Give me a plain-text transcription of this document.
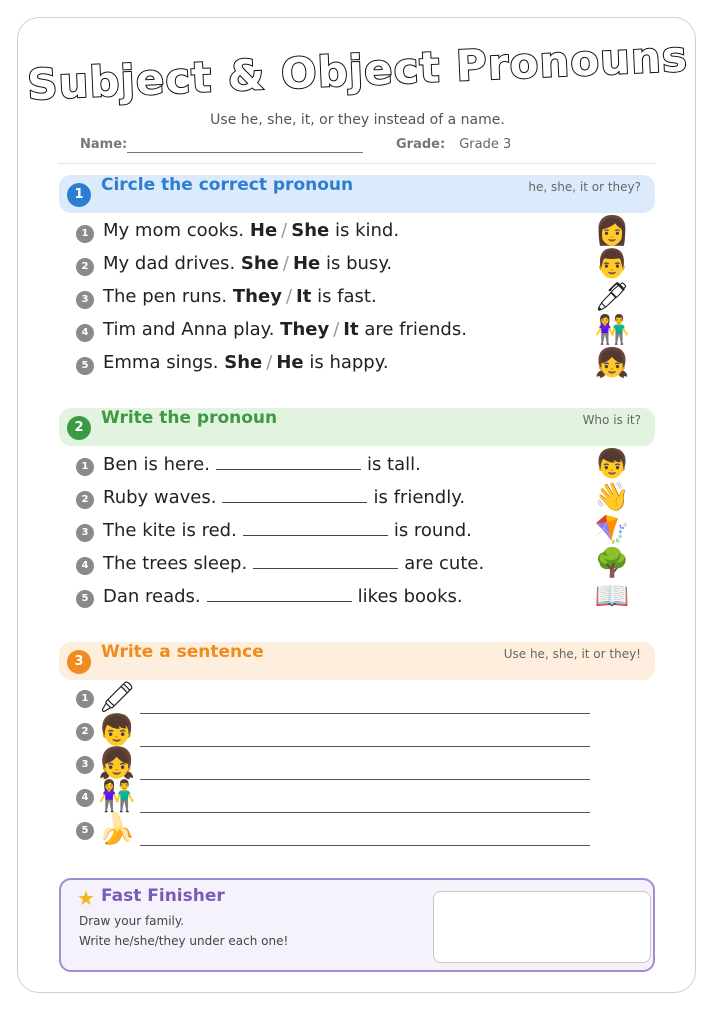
Subject & Object Pronouns
Use he, she, it, or they instead of a name.
Name:	Grade: Grade 3
1	Circle the correct pronoun	he, she, it or they?
1 My mom cooks. He / She is kind.	👩
2 My dad drives. She / He is busy.	👨
3 The pen runs. They / It is fast.	🖊
4 Tim and Anna play. They / It are friends.	👫
5 Emma sings. She / He is happy.	👧
2	Write the pronoun	Who is it?
1 Ben is here.	is tall.	👦
2 Ruby waves.	is friendly.	👋
3 The kite is red.	is round.	🪁
4 The trees sleep.	are cute.	🌳
5 Dan reads.	likes books.	📖
3	Write a sentence	Use he, she, it or they!
1 🖍
2 👦
3 👧
4 👫
5 🍌
★ Fast Finisher
Draw your family.
Write he/she/they under each one!
